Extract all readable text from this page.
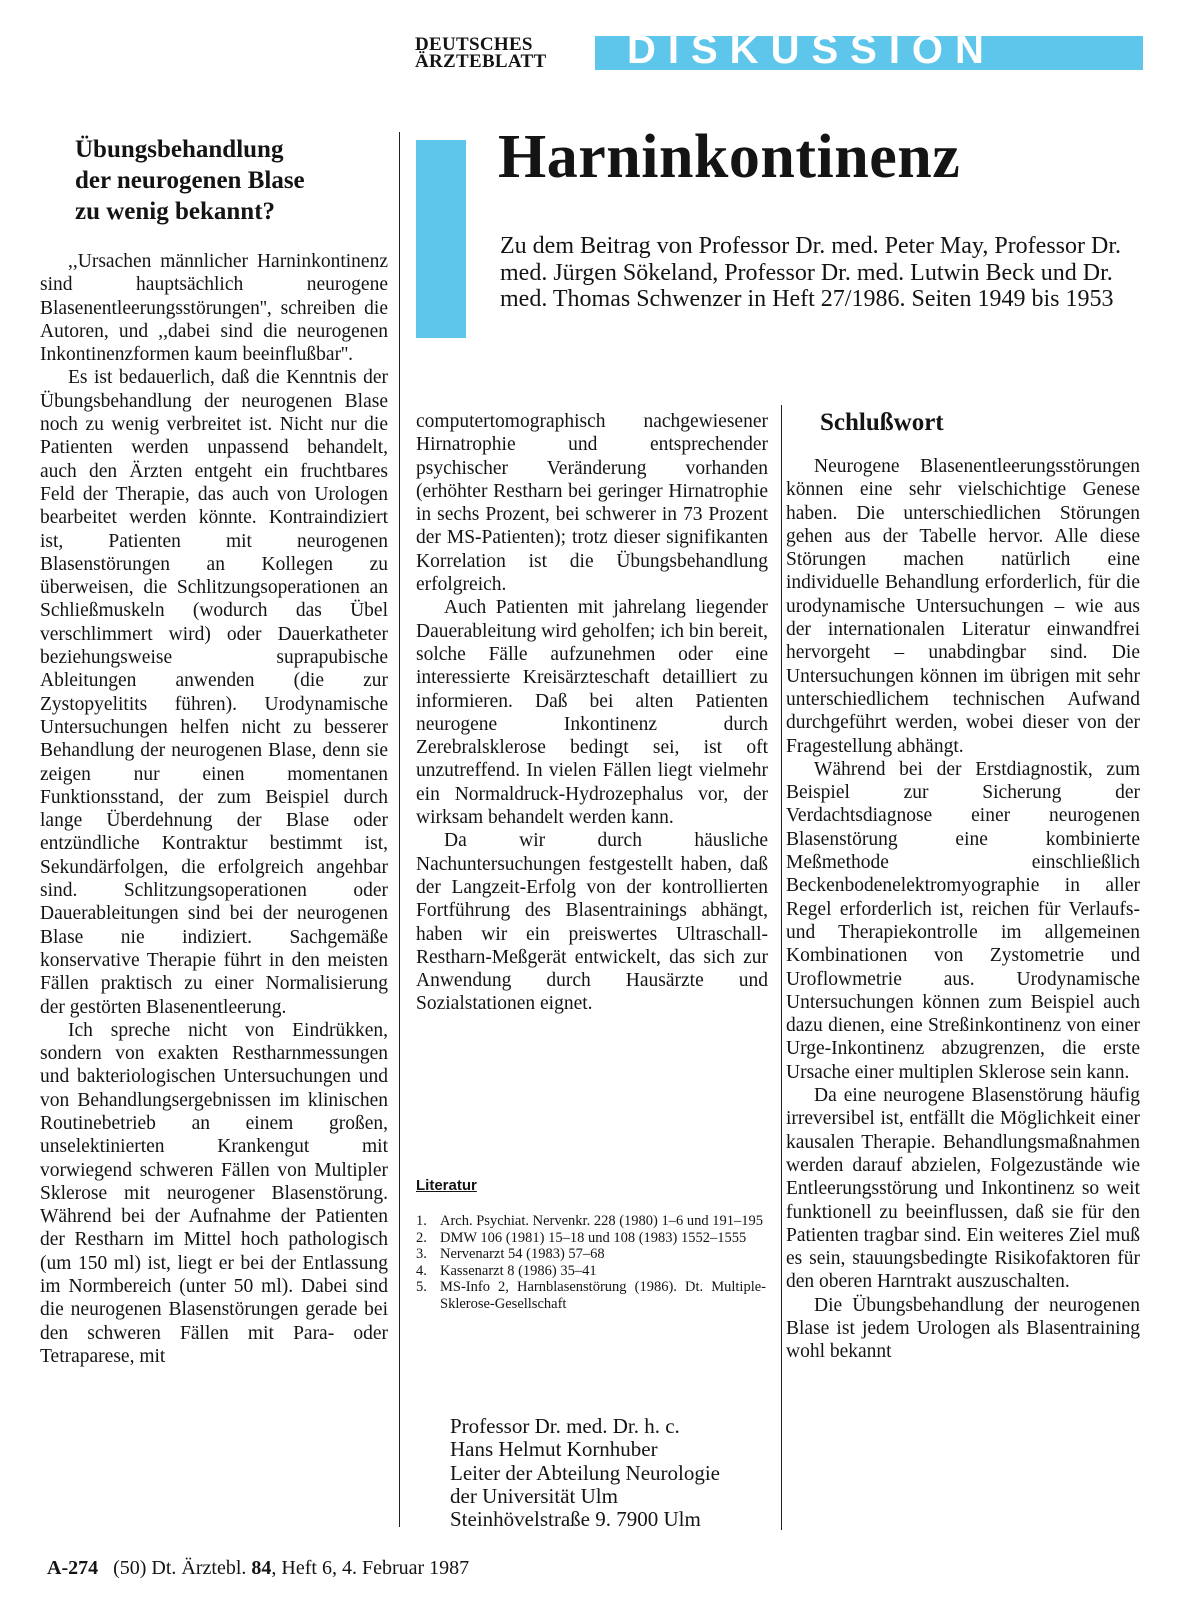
DEUTSCHES
ÄRZTEBLATT	DISKUSSION
Harninkontinenz
Zu dem Beitrag von Professor Dr. med. Peter May, Professor Dr. med. Jürgen Sökeland, Professor Dr. med. Lutwin Beck und Dr. med. Thomas Schwenzer in Heft 27/1986. Seiten 1949 bis 1953
Übungsbehandlung
der neurogenen Blase
zu wenig bekannt?

,,Ursachen männlicher Harninkontinenz sind hauptsächlich neurogene Blasenentleerungsstörungen'', schreiben die Autoren, und ,,dabei sind die neurogenen Inkontinenzformen kaum beeinflußbar''.

Es ist bedauerlich, daß die Kenntnis der Übungsbehandlung der neurogenen Blase noch zu wenig verbreitet ist. Nicht nur die Patienten werden unpassend behandelt, auch den Ärzten entgeht ein fruchtbares Feld der Therapie, das auch von Urologen bearbeitet werden könnte. Kontraindiziert ist, Patienten mit neurogenen Blasenstörungen an Kollegen zu überweisen, die Schlitzungsoperationen an Schließmuskeln (wodurch das Übel verschlimmert wird) oder Dauerkatheter beziehungsweise suprapubische Ableitungen anwenden (die zur Zystopyelitits führen). Urodynamische Untersuchungen helfen nicht zu besserer Behandlung der neurogenen Blase, denn sie zeigen nur einen momentanen Funktionsstand, der zum Beispiel durch lange Überdehnung der Blase oder entzündliche Kontraktur bestimmt ist, Sekundärfolgen, die erfolgreich angehbar sind. Schlitzungsoperationen oder Dauerableitungen sind bei der neurogenen Blase nie indiziert. Sachgemäße konservative Therapie führt in den meisten Fällen praktisch zu einer Normalisierung der gestörten Blasenentleerung.

Ich spreche nicht von Eindrükken, sondern von exakten Restharnmessungen und bakteriologischen Untersuchungen und von Behandlungsergebnissen im klinischen Routinebetrieb an einem großen, unselektinierten Krankengut mit vorwiegend schweren Fällen von Multipler Sklerose mit neurogener Blasenstörung. Während bei der Aufnahme der Patienten der Restharn im Mittel hoch pathologisch (um 150 ml) ist, liegt er bei der Entlassung im Normbereich (unter 50 ml). Dabei sind die neurogenen Blasenstörungen gerade bei den schweren Fällen mit Para- oder Tetraparese, mit

computertomographisch nachgewiesener Hirnatrophie und entsprechender psychischer Veränderung vorhanden (erhöhter Restharn bei geringer Hirnatrophie in sechs Prozent, bei schwerer in 73 Prozent der MS-Patienten); trotz dieser signifikanten Korrelation ist die Übungsbehandlung erfolgreich.

Auch Patienten mit jahrelang liegender Dauerableitung wird geholfen; ich bin bereit, solche Fälle aufzunehmen oder eine interessierte Kreisärzteschaft detailliert zu informieren. Daß bei alten Patienten neurogene Inkontinenz durch Zerebralsklerose bedingt sei, ist oft unzutreffend. In vielen Fällen liegt vielmehr ein Normaldruck-Hydrozephalus vor, der wirksam behandelt werden kann.

Da wir durch häusliche Nachuntersuchungen festgestellt haben, daß der Langzeit-Erfolg von der kontrollierten Fortführung des Blasentrainings abhängt, haben wir ein preiswertes Ultraschall-Restharn-Meßgerät entwickelt, das sich zur Anwendung durch Hausärzte und Sozialstationen eignet.

Literatur
1. Arch. Psychiat. Nervenkr. 228 (1980) 1–6 und 191–195
2. DMW 106 (1981) 15–18 und 108 (1983) 1552–1555
3. Nervenarzt 54 (1983) 57–68
4. Kassenarzt 8 (1986) 35–41
5. MS-Info 2, Harnblasenstörung (1986). Dt. Multiple-Sklerose-Gesellschaft
Professor Dr. med. Dr. h. c.
Hans Helmut Kornhuber
Leiter der Abteilung Neurologie
der Universität Ulm
Steinhövelstraße 9. 7900 Ulm
Schlußwort

Neurogene Blasenentleerungsstörungen können eine sehr vielschichtige Genese haben. Die unterschiedlichen Störungen gehen aus der Tabelle hervor. Alle diese Störungen machen natürlich eine individuelle Behandlung erforderlich, für die urodynamische Untersuchungen – wie aus der internationalen Literatur einwandfrei hervorgeht – unabdingbar sind. Die Untersuchungen können im übrigen mit sehr unterschiedlichem technischen Aufwand durchgeführt werden, wobei dieser von der Fragestellung abhängt.

Während bei der Erstdiagnostik, zum Beispiel zur Sicherung der Verdachtsdiagnose einer neurogenen Blasenstörung eine kombinierte Meßmethode einschließlich Beckenbodenelektromyographie in aller Regel erforderlich ist, reichen für Verlaufs- und Therapiekontrolle im allgemeinen Kombinationen von Zystometrie und Uroflowmetrie aus. Urodynamische Untersuchungen können zum Beispiel auch dazu dienen, eine Streßinkontinenz von einer Urge-Inkontinenz abzugrenzen, die erste Ursache einer multiplen Sklerose sein kann.

Da eine neurogene Blasenstörung häufig irreversibel ist, entfällt die Möglichkeit einer kausalen Therapie. Behandlungsmaßnahmen werden darauf abzielen, Folgezustände wie Entleerungsstörung und Inkontinenz so weit funktionell zu beeinflussen, daß sie für den Patienten tragbar sind. Ein weiteres Ziel muß es sein, stauungsbedingte Risikofaktoren für den oberen Harntrakt auszuschalten.

Die Übungsbehandlung der neurogenen Blase ist jedem Urologen als Blasentraining wohl bekannt

A-274 (50) Dt. Ärztebl. 84, Heft 6, 4. Februar 1987
